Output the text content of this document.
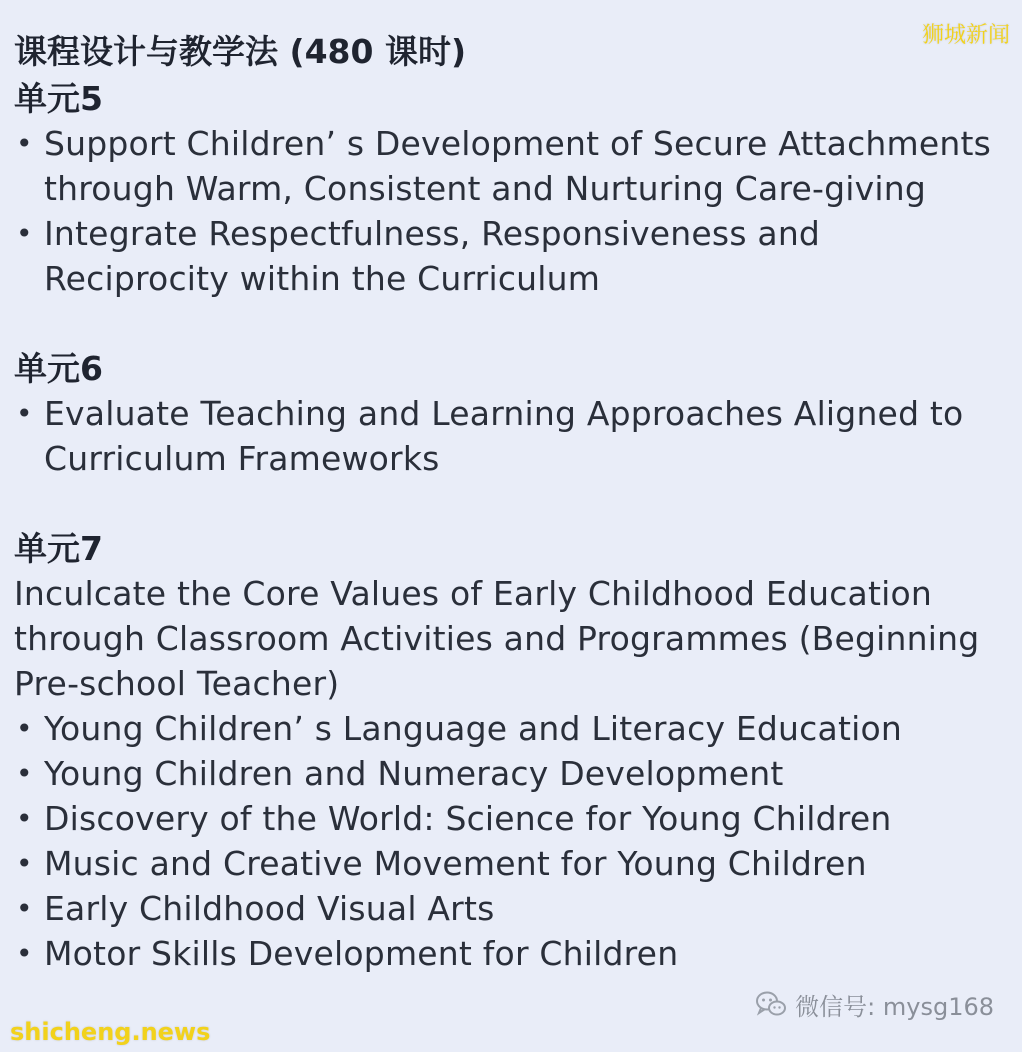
课程设计与教学法 (480 课时)
单元5
• Support Children’ s Development of Secure Attachments through Warm, Consistent and Nurturing Care-giving
• Integrate Respectfulness, Responsiveness and Reciprocity within the Curriculum
单元6
• Evaluate Teaching and Learning Approaches Aligned to Curriculum Frameworks
单元7
Inculcate the Core Values of Early Childhood Education through Classroom Activities and Programmes (Beginning Pre-school Teacher)
• Young Children’ s Language and Literacy Education
• Young Children and Numeracy Development
• Discovery of the World: Science for Young Children
• Music and Creative Movement for Young Children
• Early Childhood Visual Arts
• Motor Skills Development for Children
狮城新闻
微信号: mysg168
shicheng.news
